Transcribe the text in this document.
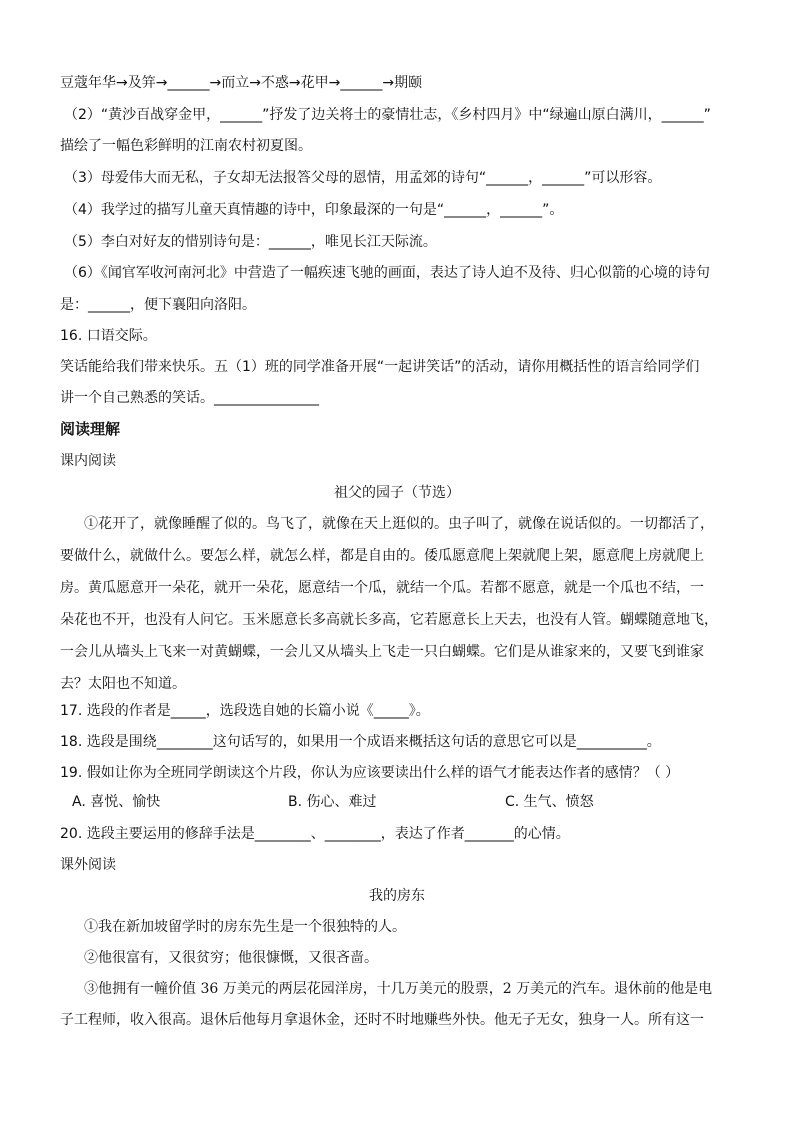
豆蔻年华→及笄→______→而立→不惑→花甲→______→期颐
（2）“黄沙百战穿金甲，______”抒发了边关将士的豪情壮志，《乡村四月》中“绿遍山原白满川，______”
描绘了一幅色彩鲜明的江南农村初夏图。
（3）母爱伟大而无私，子女却无法报答父母的恩情，用孟郊的诗句“______，______”可以形容。
（4）我学过的描写儿童天真情趣的诗中，印象最深的一句是“______，______”。
（5）李白对好友的惜别诗句是：______，唯见长江天际流。
（6）《闻官军收河南河北》中营造了一幅疾速飞驰的画面，表达了诗人迫不及待、归心似箭的心境的诗句
是：______，便下襄阳向洛阳。
16. 口语交际。
笑话能给我们带来快乐。五（1）班的同学准备开展“一起讲笑话”的活动，请你用概括性的语言给同学们
讲一个自己熟悉的笑话。_______________
阅读理解
课内阅读
祖父的园子（节选）
①花开了，就像睡醒了似的。鸟飞了，就像在天上逛似的。虫子叫了，就像在说话似的。一切都活了，
要做什么，就做什么。要怎么样，就怎么样，都是自由的。倭瓜愿意爬上架就爬上架，愿意爬上房就爬上
房。黄瓜愿意开一朵花，就开一朵花，愿意结一个瓜，就结一个瓜。若都不愿意，就是一个瓜也不结，一
朵花也不开，也没有人问它。玉米愿意长多高就长多高，它若愿意长上天去，也没有人管。蝴蝶随意地飞，
一会儿从墙头上飞来一对黄蝴蝶，一会儿又从墙头上飞走一只白蝴蝶。它们是从谁家来的，又要飞到谁家
去？太阳也不知道。
17. 选段的作者是_____，选段选自她的长篇小说《_____》。
18. 选段是围绕________这句话写的，如果用一个成语来概括这句话的意思它可以是__________。
19. 假如让你为全班同学朗读这个片段，你认为应该要读出什么样的语气才能表达作者的感情？（ ）
A. 喜悦、愉快	B. 伤心、难过	C. 生气、愤怒
20. 选段主要运用的修辞手法是________、________，表达了作者_______的心情。
课外阅读
我的房东
①我在新加坡留学时的房东先生是一个很独特的人。
②他很富有，又很贫穷；他很慷慨，又很吝啬。
③他拥有一幢价值 36 万美元的两层花园洋房，十几万美元的股票，2 万美元的汽车。退休前的他是电
子工程师，收入很高。退休后他每月拿退休金，还时不时地赚些外快。他无子无女，独身一人。所有这一
